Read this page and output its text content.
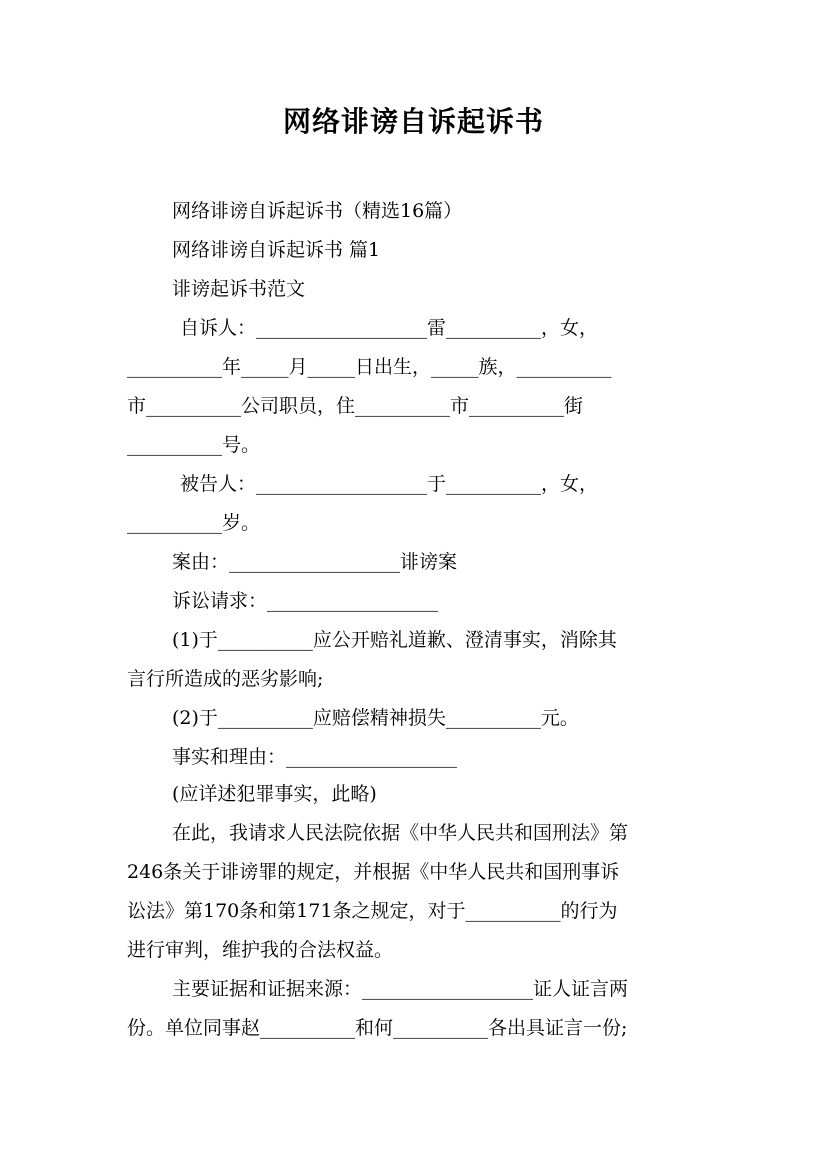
网络诽谤自诉起诉书
网络诽谤自诉起诉书（精选16篇）
网络诽谤自诉起诉书 篇1
诽谤起诉书范文
自诉人：__________________雷__________，女，
__________年_____月_____日出生，_____族，__________
市__________公司职员，住__________市__________街
__________号。
被告人：__________________于__________，女，
__________岁。
案由：__________________诽谤案
诉讼请求：__________________
(1)于__________应公开赔礼道歉、澄清事实，消除其
言行所造成的恶劣影响;
(2)于__________应赔偿精神损失__________元。
事实和理由：__________________
(应详述犯罪事实，此略)
在此，我请求人民法院依据《中华人民共和国刑法》第
246条关于诽谤罪的规定，并根据《中华人民共和国刑事诉
讼法》第170条和第171条之规定，对于__________的行为
进行审判，维护我的合法权益。
主要证据和证据来源：__________________证人证言两
份。单位同事赵__________和何__________各出具证言一份;
